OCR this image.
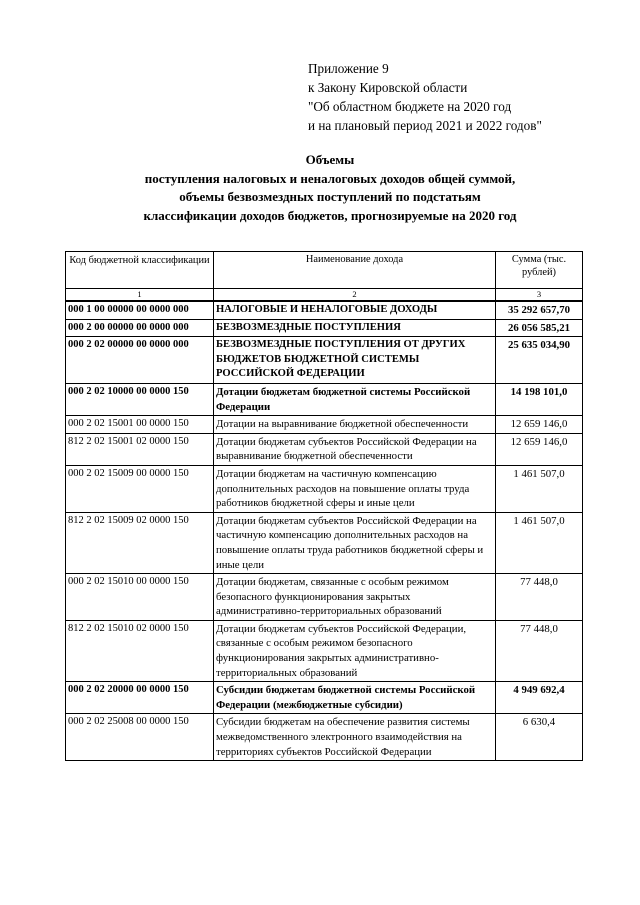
Приложение 9
к Закону Кировской области
"Об областном бюджете на 2020 год
и на плановый период 2021 и 2022 годов"
Объемы
поступления налоговых и неналоговых доходов общей суммой,
объемы безвозмездных поступлений по подстатьям
классификации доходов бюджетов, прогнозируемые на 2020 год
Код бюджетной классификации	Наименование дохода	Сумма (тыс. рублей)
1	2	3
000 1 00 00000 00 0000 000	НАЛОГОВЫЕ И НЕНАЛОГОВЫЕ ДОХОДЫ	35 292 657,70
000 2 00 00000 00 0000 000	БЕЗВОЗМЕЗДНЫЕ ПОСТУПЛЕНИЯ	26 056 585,21
000 2 02 00000 00 0000 000	БЕЗВОЗМЕЗДНЫЕ ПОСТУПЛЕНИЯ ОТ ДРУГИХ БЮДЖЕТОВ БЮДЖЕТНОЙ СИСТЕМЫ РОССИЙСКОЙ ФЕДЕРАЦИИ	25 635 034,90
000 2 02 10000 00 0000 150	Дотации бюджетам бюджетной системы Российской Федерации	14 198 101,0
000 2 02 15001 00 0000 150	Дотации на выравнивание бюджетной обеспеченности	12 659 146,0
812 2 02 15001 02 0000 150	Дотации бюджетам субъектов Российской Федерации на выравнивание бюджетной обеспеченности	12 659 146,0
000 2 02 15009 00 0000 150	Дотации бюджетам на частичную компенсацию дополнительных расходов на повышение оплаты труда работников бюджетной сферы и иные цели	1 461 507,0
812 2 02 15009 02 0000 150	Дотации бюджетам субъектов Российской Федерации на частичную компенсацию дополнительных расходов на повышение оплаты труда работников бюджетной сферы и иные цели	1 461 507,0
000 2 02 15010 00 0000 150	Дотации бюджетам, связанные с особым режимом безопасного функционирования закрытых административно-территориальных образований	77 448,0
812 2 02 15010 02 0000 150	Дотации бюджетам субъектов Российской Федерации, связанные с особым режимом безопасного функционирования закрытых административно-территориальных образований	77 448,0
000 2 02 20000 00 0000 150	Субсидии бюджетам бюджетной системы Российской Федерации (межбюджетные субсидии)	4 949 692,4
000 2 02 25008 00 0000 150	Субсидии бюджетам на обеспечение развития системы межведомственного электронного взаимодействия на территориях субъектов Российской Федерации	6 630,4
